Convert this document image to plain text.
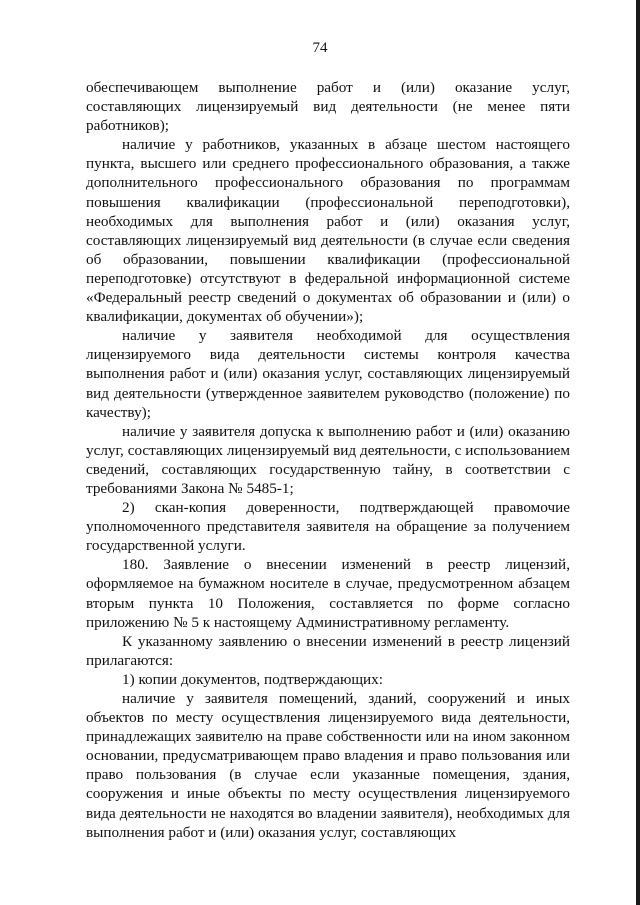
74

обеспечивающем выполнение работ и (или) оказание услуг, составляющих лицензируемый вид деятельности (не менее пяти работников);

наличие у работников, указанных в абзаце шестом настоящего пункта, высшего или среднего профессионального образования, а также дополнительного профессионального образования по программам повышения квалификации (профессиональной переподготовки), необходимых для выполнения работ и (или) оказания услуг, составляющих лицензируемый вид деятельности (в случае если сведения об образовании, повышении квалификации (профессиональной переподготовке) отсутствуют в федеральной информационной системе «Федеральный реестр сведений о документах об образовании и (или) о квалификации, документах об обучении»);

наличие у заявителя необходимой для осуществления лицензируемого вида деятельности системы контроля качества выполнения работ и (или) оказания услуг, составляющих лицензируемый вид деятельности (утвержденное заявителем руководство (положение) по качеству);

наличие у заявителя допуска к выполнению работ и (или) оказанию услуг, составляющих лицензируемый вид деятельности, с использованием сведений, составляющих государственную тайну, в соответствии с требованиями Закона № 5485-1;

2) скан-копия доверенности, подтверждающей правомочие уполномоченного представителя заявителя на обращение за получением государственной услуги.

180. Заявление о внесении изменений в реестр лицензий, оформляемое на бумажном носителе в случае, предусмотренном абзацем вторым пункта 10 Положения, составляется по форме согласно приложению № 5 к настоящему Административному регламенту.

К указанному заявлению о внесении изменений в реестр лицензий прилагаются:

1) копии документов, подтверждающих:

наличие у заявителя помещений, зданий, сооружений и иных объектов по месту осуществления лицензируемого вида деятельности, принадлежащих заявителю на праве собственности или на ином законном основании, предусматривающем право владения и право пользования или право пользования (в случае если указанные помещения, здания, сооружения и иные объекты по месту осуществления лицензируемого вида деятельности не находятся во владении заявителя), необходимых для выполнения работ и (или) оказания услуг, составляющих
